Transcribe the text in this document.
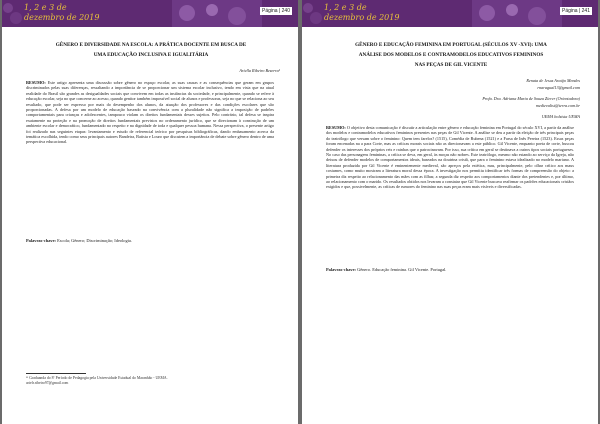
1, 2 e 3 de
dezembro de 2019
Página | 240
GÊNERO E DIVERSIDADE NA ESCOLA: A PRÁTICA DOCENTE EM BUSCA DE
UMA EDUCAÇÃO INCLUSIVA E IGUALITÁRIA
Ariella Ribeiro Bezerra¹
RESUMO: Este artigo apresenta uma discussão sobre gênero no espaço escolar, as suas causas e as consequências que geram em grupos discriminados pelas suas diferenças, ressaltando a importância de se proporcionar um sistema escolar inclusivo, tendo em vista que na atual realidade do Brasil são grandes as desigualdades sociais que convivem em todas as instâncias da sociedade, e principalmente, quando se refere à educação escolar, seja no que concerne ao acesso, quando genitor também impossível social de alunos e professoras, seja no que se relaciona ao seu resultado, que pode ser expresso por mais do desempenho dos alunos, da atuação dos professores e das condições escolares que são proporcionadas. A defesa por um modelo de educação baseado na convivência com a pluralidade não significa a imposição de padrões comportamentais para crianças e adolescentes, tampouco violam os direitos fundamentais desses sujeitos. Pelo contrário, tal defesa se inspira exatamente na proteção e na promoção de direitos fundamentais previstos no ordenamento jurídico, que se direcionam à construção de um ambiente escolar e democrático, fundamentado no respeito e na dignidade de toda e qualquer pessoa humana. Nessa perspectiva, o presente artigo foi realizado nas seguintes etapas: levantamento e estudo de referencial teórico por pesquisas bibliográficas, dando embasamento acerca da temática escolhida, tendo como seus principais autores Bandeira, Batista e Louro que discutem a importância de debate sobre gênero dentro de uma perspectiva educacional.
Palavras-chave: Escola; Gênero; Discriminação; Ideologia.
¹¹ Graduanda do 8º Período de Pedagogia pela Universidade Estadual do Maranhão - UEMA.
arielr.ribeiro97@gmail.com
1, 2 e 3 de
dezembro de 2019
Página | 241
GÊNERO E EDUCAÇÃO FEMININA EM PORTUGAL (SÉCULOS XV -XVI): UMA
ANÁLISE DOS MODELOS E CONTRAMODELOS EDUCATIVOS FEMININOS
NAS PEÇAS DE GIL VICENTE
Renata de Jesus Araújo Mendes
rnaragual13@gmail.com
Profa. Dra. Adriana Maria de Souza Zierer (Orientadora)
medievalist@terra.com.br
UEMA bolsista UEMA
RESUMO: O objetivo desta comunicação é discutir a articulação entre gênero e educação feminina em Portugal do século XVI, a partir da análise dos modelos e contramodelos educativos femininos presentes nas peças de Gil Vicente. A análise se deu a partir da eleição de três principais peças do teatrólogo que versam sobre o feminino: Quem tem farelos? (1515), Comédia de Rubena (1521) e a Farsa de Inês Pereira (1523). Essas peças foram encenadas na a para Corte, mas as críticas morais sociais não as direcionavam a este público. Gil Vicente, enquanto poeta de corte, buscou defender os interesses dos próprios reis e rainhas que o patrocinavam. Por isso, sua crítica em geral se destinava a outros tipos sociais portugueses. No caso das personagens femininas, a crítica se deva, em geral, às moças não nobres. Este teatrólogo, mesmo não estando ao serviço da Igreja, não deixou de defender modelos de comportamentos ideais, baseados na doutrina cristã, que para o feminino estava idealizado no modelo mariano. A literatura produzida por Gil Vicente é eminentemente medieval, são apreços pela estética, mas, principalmente, pelo olhar crítico aos maus costumes, como muito mostram a literatura moral dessa época. A investigação nos permitiu identificar três formas de compreensão do objeto: a primeira diz respeito ao relacionamento das mães com as filhas; a segunda diz respeito aos comportamentos diante dos pretendentes e, por último, ao relacionamento com o marido. Os resultados obtidos nos levaram a constatar que Gil Vicente buscava reafirmar os padrões educacionais cristãos exigidos e que, possivelmente, as críticas de rumores do feminino nas suas peças eram mais visíveis e diversificadas.
Palavras-chave: Gênero. Educação feminina. Gil Vicente. Portugal.
